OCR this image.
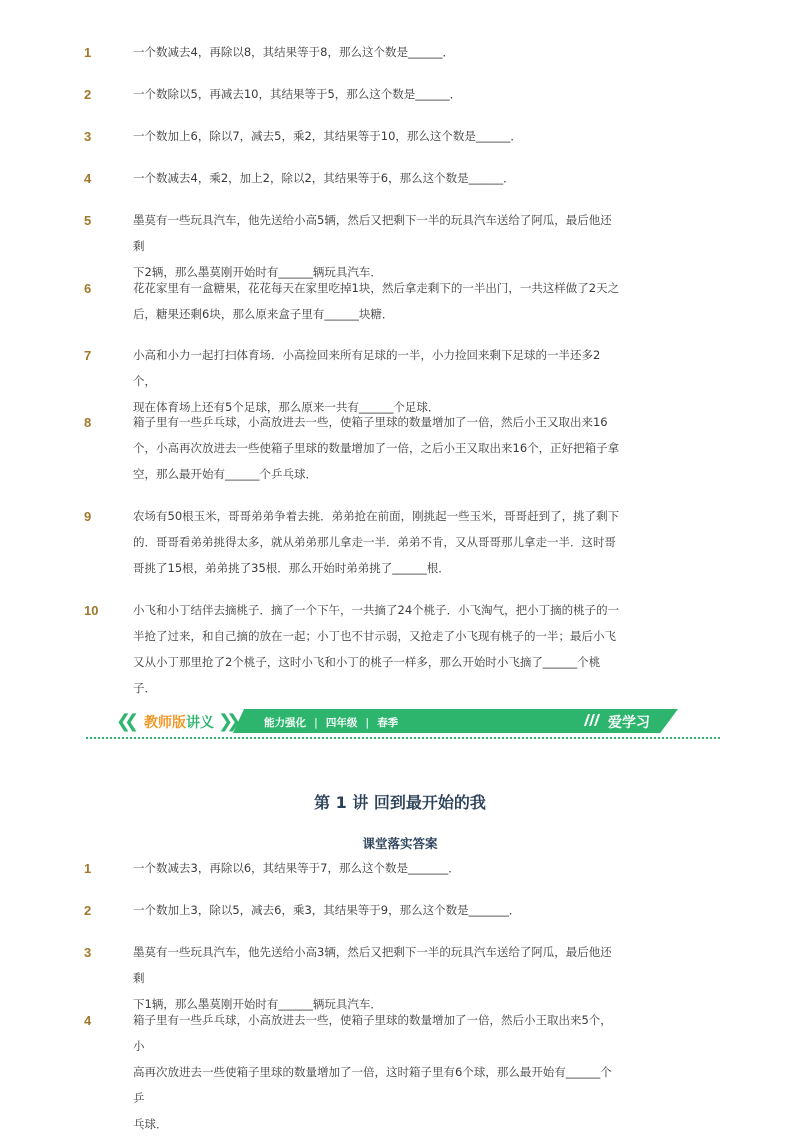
1	一个数减去4，再除以8，其结果等于8，那么这个数是______．
2	一个数除以5，再减去10，其结果等于5，那么这个数是______．
3	一个数加上6，除以7，减去5，乘2，其结果等于10，那么这个数是______．
4	一个数减去4，乘2，加上2，除以2，其结果等于6，那么这个数是______．
5	墨莫有一些玩具汽车，他先送给小高5辆，然后又把剩下一半的玩具汽车送给了阿瓜，最后他还剩
下2辆，那么墨莫刚开始时有______辆玩具汽车．
6	花花家里有一盒糖果，花花每天在家里吃掉1块，然后拿走剩下的一半出门，一共这样做了2天之
后，糖果还剩6块，那么原来盒子里有______块糖．
7	小高和小力一起打扫体育场．小高捡回来所有足球的一半，小力捡回来剩下足球的一半还多2个，
现在体育场上还有5个足球，那么原来一共有______个足球．
8	箱子里有一些乒乓球，小高放进去一些，使箱子里球的数量增加了一倍，然后小王又取出来16
个，小高再次放进去一些使箱子里球的数量增加了一倍，之后小王又取出来16个，正好把箱子拿
空，那么最开始有______个乒乓球．
9	农场有50根玉米，哥哥弟弟争着去挑．弟弟抢在前面，刚挑起一些玉米，哥哥赶到了，挑了剩下
的．哥哥看弟弟挑得太多，就从弟弟那儿拿走一半．弟弟不肯，又从哥哥那儿拿走一半．这时哥
哥挑了15根，弟弟挑了35根．那么开始时弟弟挑了______根．
10	小飞和小丁结伴去摘桃子．摘了一个下午，一共摘了24个桃子．小飞淘气，把小丁摘的桃子的一
半抢了过来，和自己摘的放在一起；小丁也不甘示弱，又抢走了小飞现有桃子的一半；最后小飞
又从小丁那里抢了2个桃子，这时小飞和小丁的桃子一样多，那么开始时小飞摘了______个桃子．
❮❮ 教师版讲义 ❯❯	能力强化 | 四年级 | 春季	爱学习
第 1 讲 回到最开始的我
课堂落实答案
1	一个数减去3，再除以6，其结果等于7，那么这个数是_______．
2	一个数加上3，除以5，减去6，乘3，其结果等于9，那么这个数是_______．
3	墨莫有一些玩具汽车，他先送给小高3辆，然后又把剩下一半的玩具汽车送给了阿瓜，最后他还剩
下1辆，那么墨莫刚开始时有______辆玩具汽车．
4	箱子里有一些乒乓球，小高放进去一些，使箱子里球的数量增加了一倍，然后小王取出来5个，小
高再次放进去一些使箱子里球的数量增加了一倍，这时箱子里有6个球，那么最开始有______个乒
乓球．
